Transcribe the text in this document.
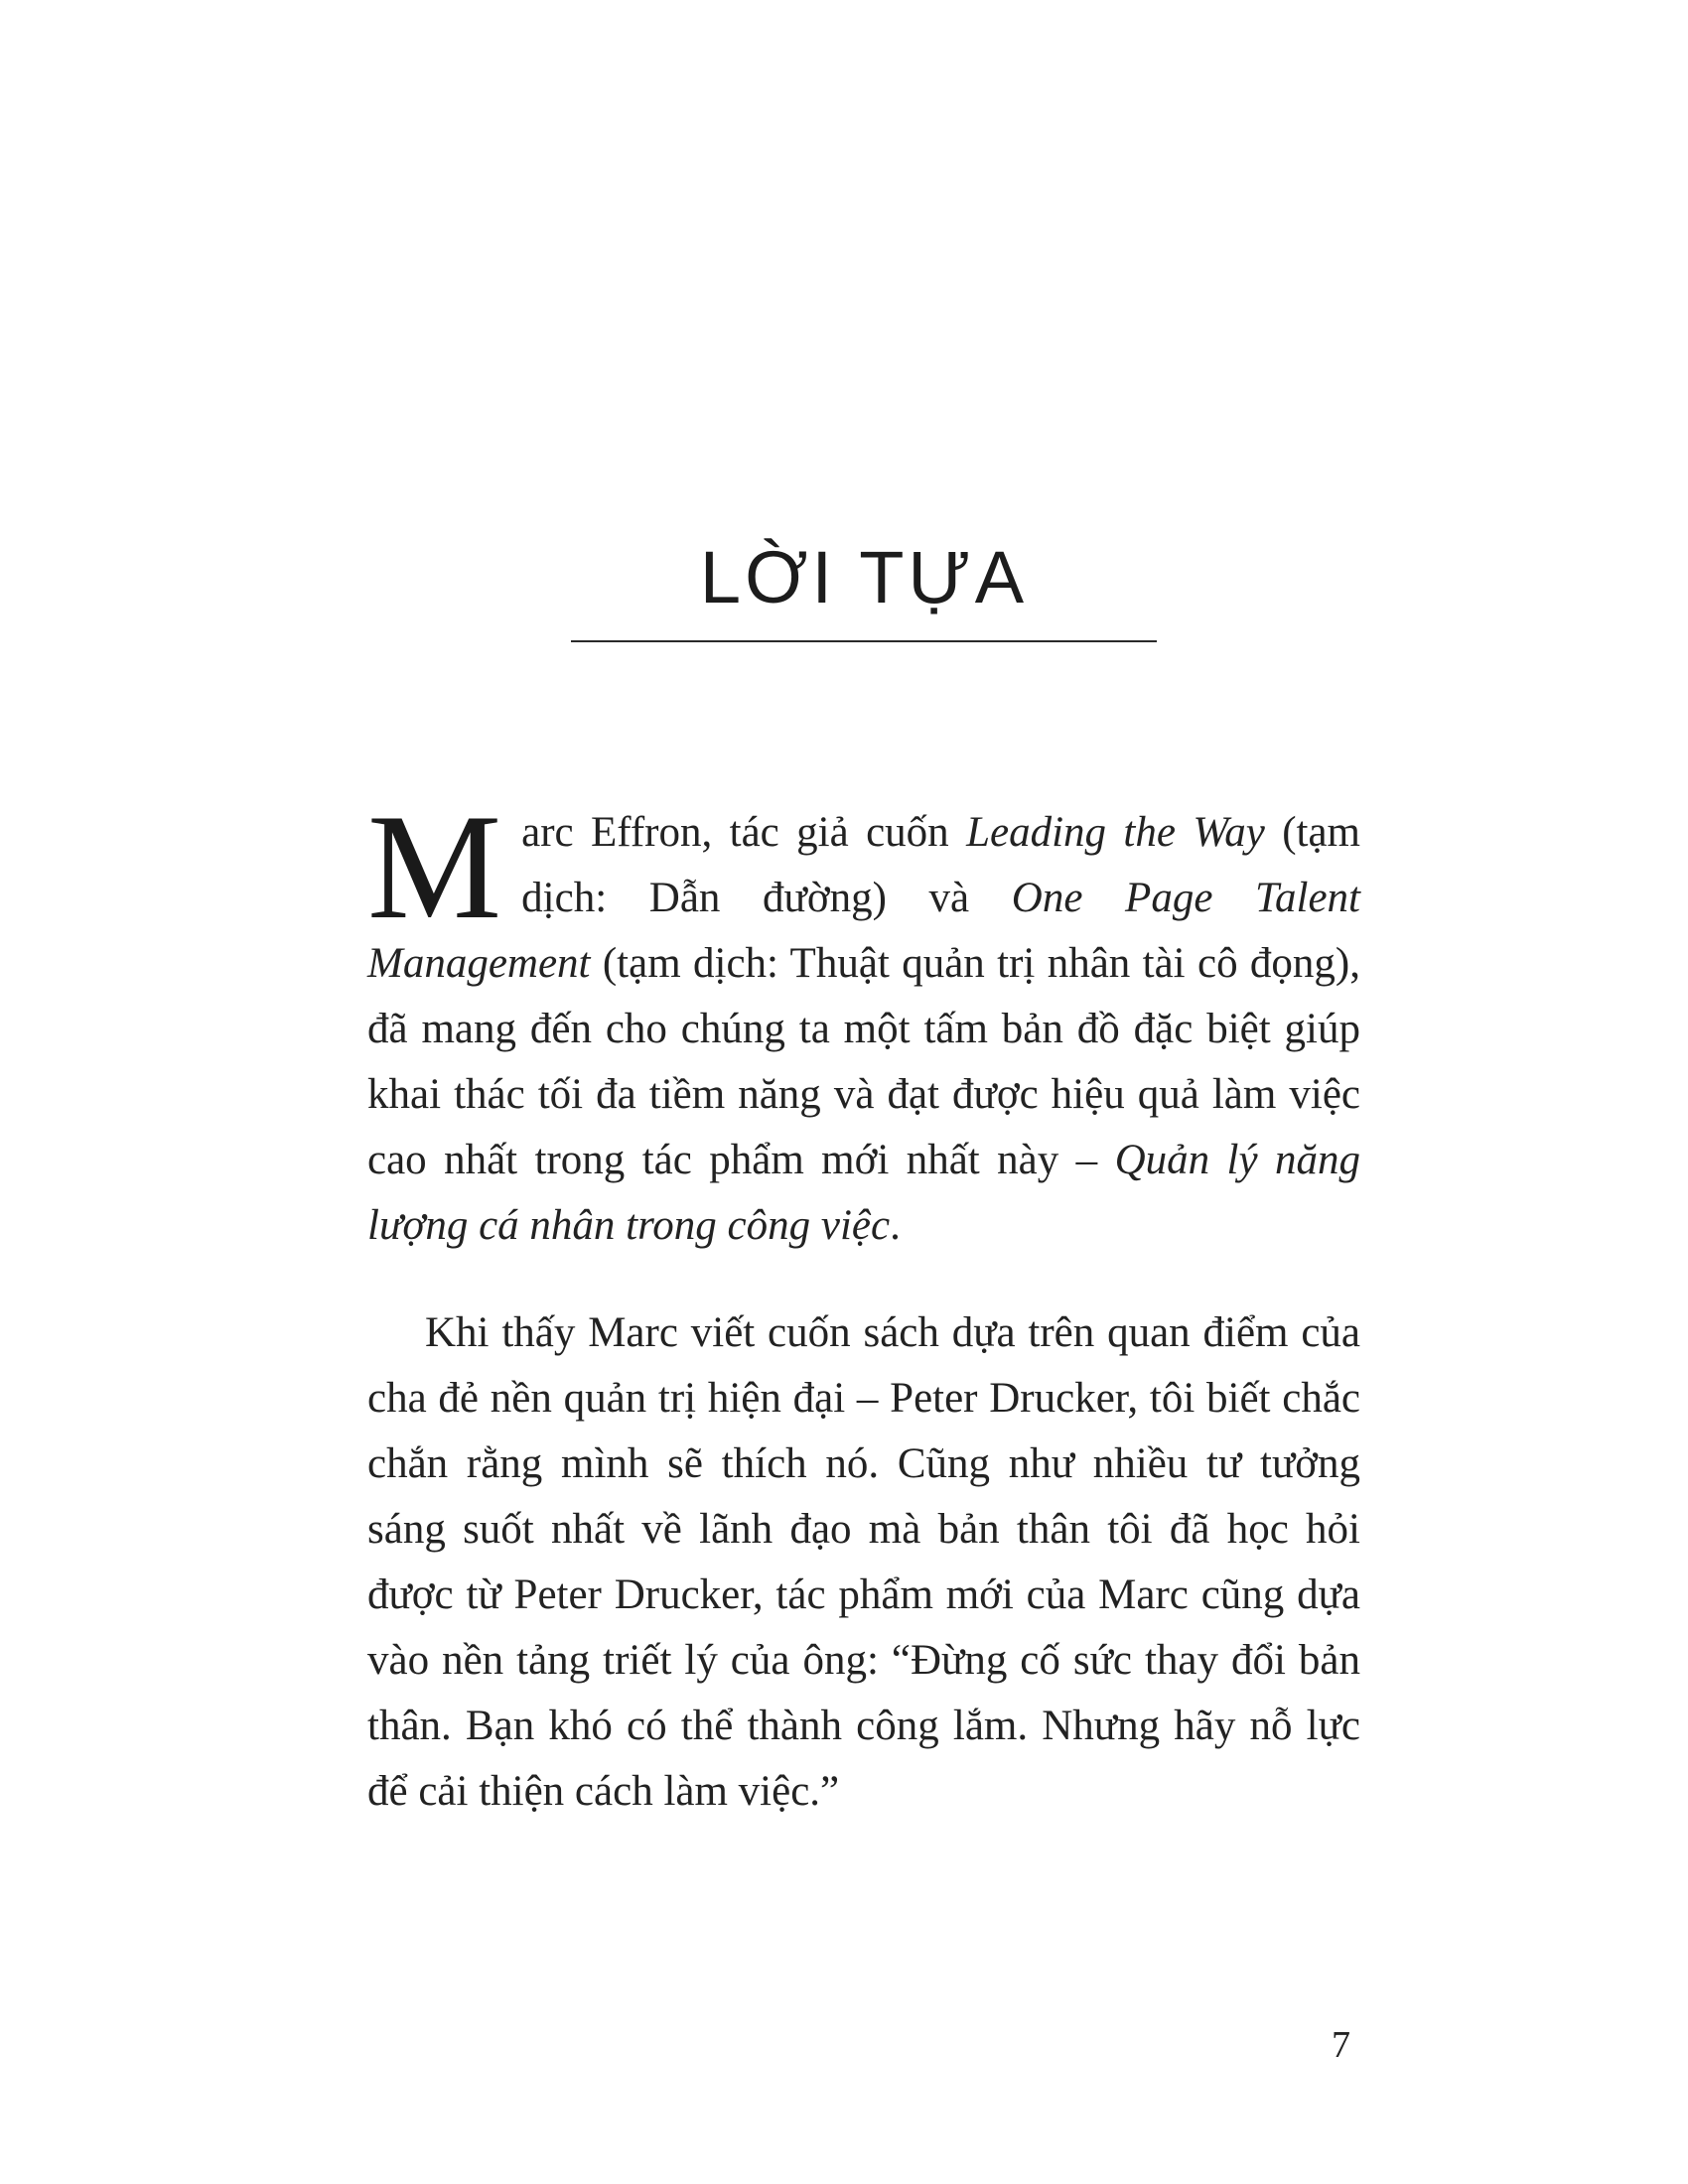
LỜI TỰA

Marc Effron, tác giả cuốn Leading the Way (tạm dịch: Dẫn đường) và One Page Talent Management (tạm dịch: Thuật quản trị nhân tài cô đọng), đã mang đến cho chúng ta một tấm bản đồ đặc biệt giúp khai thác tối đa tiềm năng và đạt được hiệu quả làm việc cao nhất trong tác phẩm mới nhất này – Quản lý năng lượng cá nhân trong công việc.

Khi thấy Marc viết cuốn sách dựa trên quan điểm của cha đẻ nền quản trị hiện đại – Peter Drucker, tôi biết chắc chắn rằng mình sẽ thích nó. Cũng như nhiều tư tưởng sáng suốt nhất về lãnh đạo mà bản thân tôi đã học hỏi được từ Peter Drucker, tác phẩm mới của Marc cũng dựa vào nền tảng triết lý của ông: “Đừng cố sức thay đổi bản thân. Bạn khó có thể thành công lắm. Nhưng hãy nỗ lực để cải thiện cách làm việc.”

7
